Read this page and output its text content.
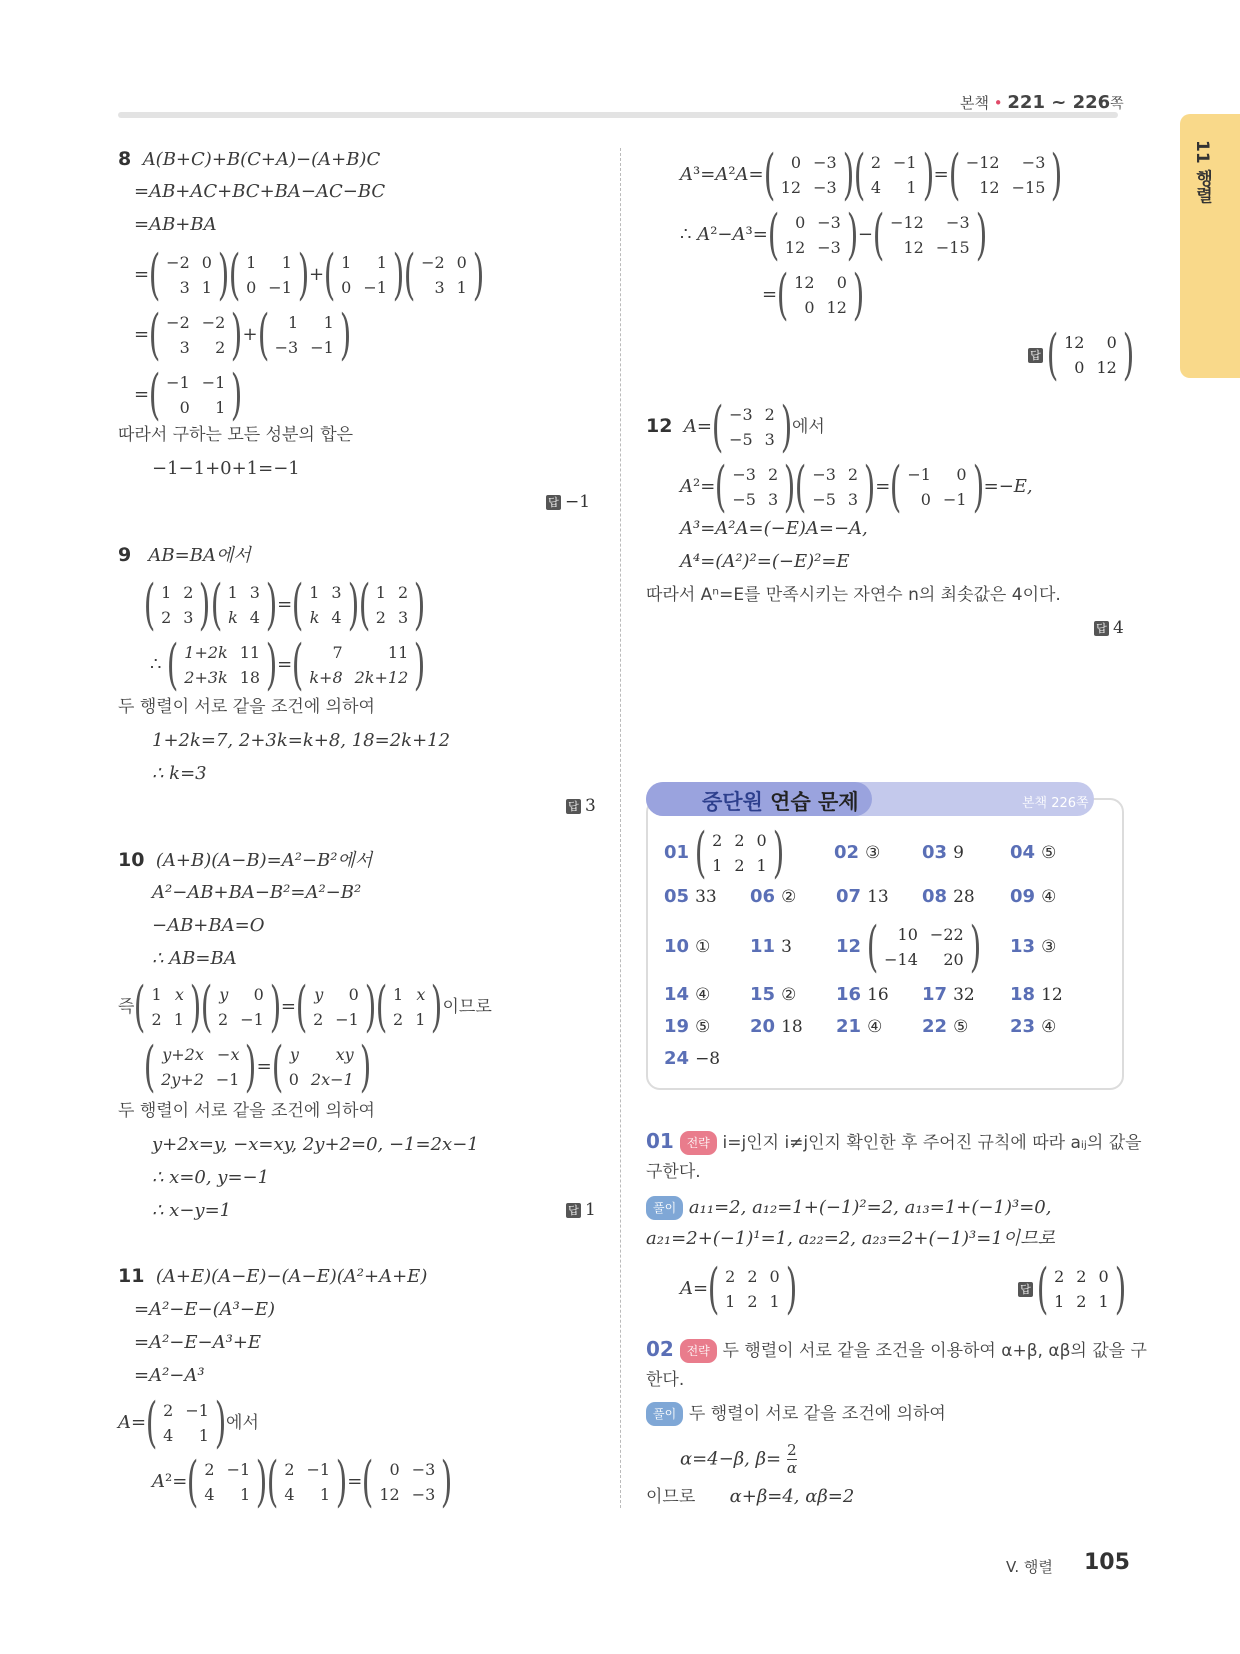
본책 • 221 ~ 226쪽
11 행렬
8 A(B+C)+B(C+A)−(A+B)C
=AB+AC+BC+BA−AC−BC
=AB+BA
= ( −2	0
3	1 ) ( 1	1
0	−1 ) + ( 1	1
0	−1 ) ( −2	0
3	1 )
= ( −2	−2
3	2 ) + ( 1	1
−3	−1 )
= ( −1	−1
0	1 )
따라서 구하는 모든 성분의 합은
−1−1+0+1=−1
답 −1
9 AB=BA에서
( 1	2
2	3 ) ( 1	3
k	4 ) = ( 1	3
k	4 ) ( 1	2
2	3 )
∴ ( 1+2k	11
2+3k	18 ) = ( 7	11
k+8	2k+12 )
두 행렬이 서로 같을 조건에 의하여
1+2k=7, 2+3k=k+8, 18=2k+12
∴ k=3
답 3
10 (A+B)(A−B)=A²−B²에서
A²−AB+BA−B²=A²−B²
−AB+BA=O
∴ AB=BA
즉 ( 1	x
2	1 ) ( y	0
2	−1 ) = ( y	0
2	−1 ) ( 1	x
2	1 ) 이므로
( y+2x	−x
2y+2	−1 ) = ( y	xy
0	2x−1 )
두 행렬이 서로 같을 조건에 의하여
y+2x=y, −x=xy, 2y+2=0, −1=2x−1
∴ x=0, y=−1
∴ x−y=1	답 1
11 (A+E)(A−E)−(A−E)(A²+A+E)
=A²−E−(A³−E)
=A²−E−A³+E
=A²−A³
A= ( 2	−1
4	1 ) 에서
A²= ( 2	−1
4	1 ) ( 2	−1
4	1 ) = ( 0	−3
12	−3 )
A³=A²A= ( 0	−3
12	−3 ) ( 2	−1
4	1 ) = ( −12	−3
12	−15 )
∴ A²−A³= ( 0	−3
12	−3 ) − ( −12	−3
12	−15 )
= ( 12	0
0	12 )
답 ( 12	0
0	12 )
12 A= ( −3	2
−5	3 ) 에서
A²= ( −3	2
−5	3 ) ( −3	2
−5	3 ) = ( −1	0
0	−1 ) =−E,
A³=A²A=(−E)A=−A,
A⁴=(A²)²=(−E)²=E
따라서 Aⁿ=E를 만족시키는 자연수 n의 최솟값은 4이다.
답 4
중단원 연습 문제	본책 226쪽
01 ( 2	2	0
1	2	1 )	02 ③ 03 9	04 ⑤
05 33 06 ② 07 13 08 28 09 ④
10 ① 11 3 12 ( 10	−22
−14	20 ) 13 ③
14 ④ 15 ② 16 16 17 32 18 12
19 ⑤ 20 18 21 ④ 22 ⑤ 23 ④
24 −8
01 전략 i=j인지 i≠j인지 확인한 후 주어진 규칙에 따라 aᵢⱼ의 값을
구한다.
풀이 a₁₁=2, a₁₂=1+(−1)²=2, a₁₃=1+(−1)³=0,
a₂₁=2+(−1)¹=1, a₂₂=2, a₂₃=2+(−1)³=1이므로
A= ( 2	2	0
1	2	1 )	답 ( 2	2	0
1	2	1 )
02 전략 두 행렬이 서로 같을 조건을 이용하여 α+β, αβ의 값을 구
한다.
풀이 두 행렬이 서로 같을 조건에 의하여
α=4−β, $\beta= \frac{2}{\alpha}$
이므로 α+β=4, αβ=2
V. 행렬 105
